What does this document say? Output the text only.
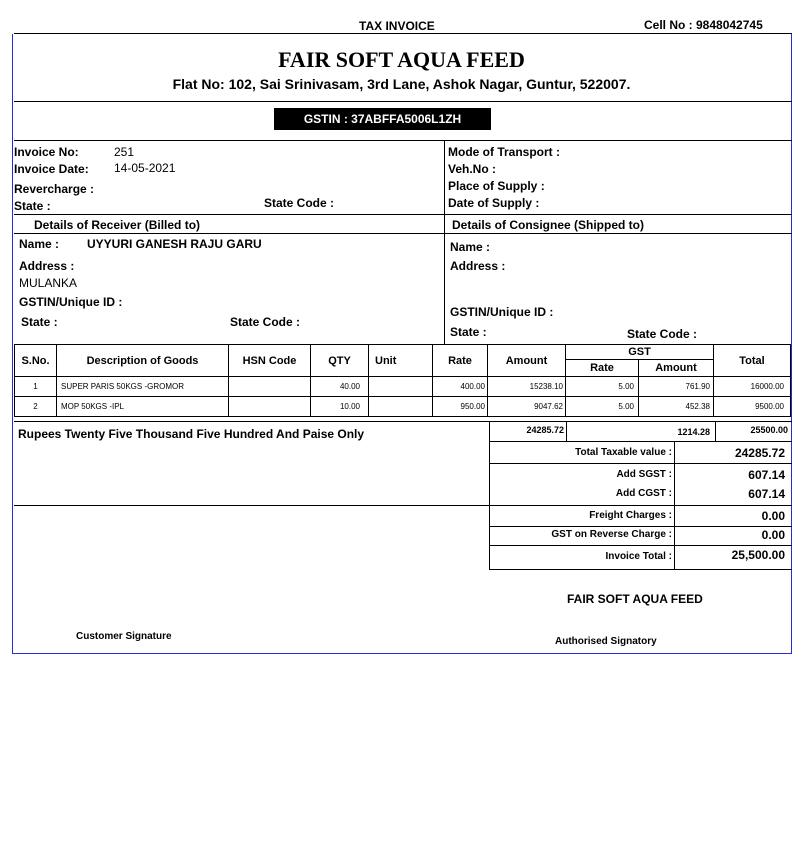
TAX INVOICE	Cell No : 9848042745
FAIR SOFT AQUA FEED
Flat No: 102, Sai Srinivasam, 3rd Lane, Ashok Nagar, Guntur, 522007.
GSTIN : 37ABFFA5006L1ZH
Invoice No:	251
Invoice Date: 14-05-2021
Revercharge :
State :	State Code :
Mode of Transport :
Veh.No :
Place of Supply :
Date of Supply :
Details of Receiver (Billed to)	Details of Consignee (Shipped to)
Name : UYYURI GANESH RAJU GARU
Address :
MULANKA
GSTIN/Unique ID :
State :	State Code :
Name :
Address :
GSTIN/Unique ID :
State :	State Code :
S.No.	Description of Goods	HSN Code	QTY	Unit	Rate	Amount	GST		Total
							Rate	Amount	
1	SUPER PARIS 50KGS -GROMOR		40.00		400.00	15238.10	5.00	761.90	16000.00
2	MOP 50KGS -IPL		10.00		950.00	9047.62	5.00	452.38	9500.00
Rupees Twenty Five Thousand Five Hundred And Paise Only	24285.72	1214.28	25500.00
Total Taxable value :	24285.72
Add SGST :	607.14
Add CGST :	607.14
Freight Charges :	0.00
GST on Reverse Charge :	0.00
Invoice Total :	25,500.00
FAIR SOFT AQUA FEED
Customer Signature	Authorised Signatory
